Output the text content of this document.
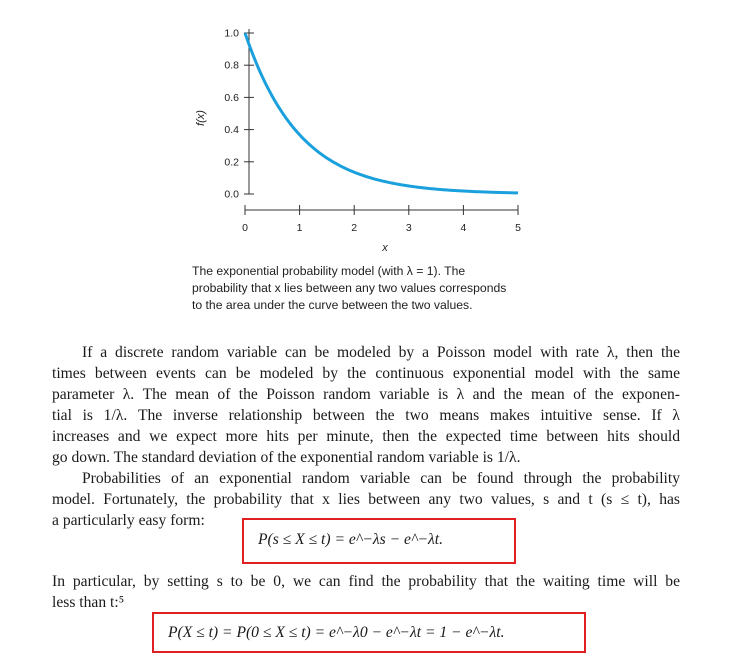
0.0
0.2
0.4
0.6
0.8
1.0
0	1	2	3	4	5
f(x)
x
The exponential probability model (with λ = 1). The
probability that x lies between any two values corresponds
to the area under the curve between the two values.
If a discrete random variable can be modeled by a Poisson model with rate λ, then the
times between events can be modeled by the continuous exponential model with the same
parameter λ. The mean of the Poisson random variable is λ and the mean of the exponen-
tial is 1/λ. The inverse relationship between the two means makes intuitive sense. If λ
increases and we expect more hits per minute, then the expected time between hits should
go down. The standard deviation of the exponential random variable is 1/λ.
Probabilities of an exponential random variable can be found through the probability
model. Fortunately, the probability that x lies between any two values, s and t (s ≤ t), has
a particularly easy form:
P(s ≤ X ≤ t) = e^−λs − e^−λt.
In particular, by setting s to be 0, we can find the probability that the waiting time will be
less than t:⁵
P(X ≤ t) = P(0 ≤ X ≤ t) = e^−λ0 − e^−λt = 1 − e^−λt.
